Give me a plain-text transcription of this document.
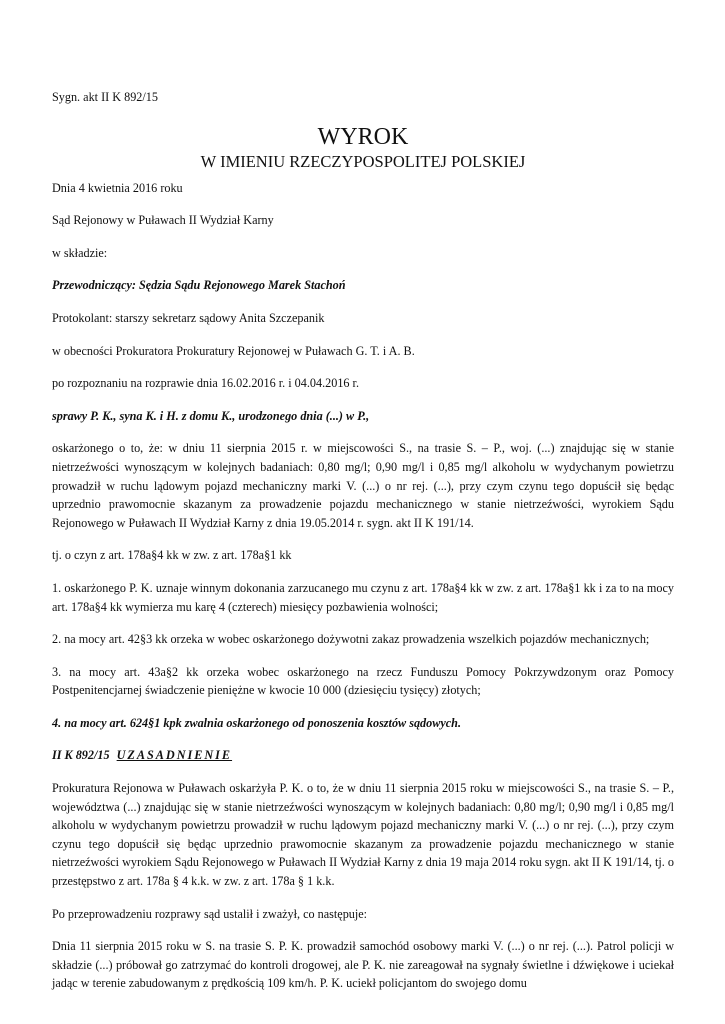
Sygn. akt II K 892/15

WYROK

W IMIENIU RZECZYPOSPOLITEJ POLSKIEJ

Dnia 4 kwietnia 2016 roku

Sąd Rejonowy w Puławach II Wydział Karny

w składzie:

Przewodniczący: Sędzia Sądu Rejonowego Marek Stachoń

Protokolant: starszy sekretarz sądowy Anita Szczepanik

w obecności Prokuratora Prokuratury Rejonowej w Puławach G. T. i A. B.

po rozpoznaniu na rozprawie dnia 16.02.2016 r. i 04.04.2016 r.

sprawy P. K., syna K. i H. z domu K., urodzonego dnia (...) w P.,

oskarżonego o to, że: w dniu 11 sierpnia 2015 r. w miejscowości S., na trasie S. – P., woj. (...) znajdując się w stanie nietrzeźwości wynoszącym w kolejnych badaniach: 0,80 mg/l; 0,90 mg/l i 0,85 mg/l alkoholu w wydychanym powietrzu prowadził w ruchu lądowym pojazd mechaniczny marki V. (...) o nr rej. (...), przy czym czynu tego dopuścił się będąc uprzednio prawomocnie skazanym za prowadzenie pojazdu mechanicznego w stanie nietrzeźwości, wyrokiem Sądu Rejonowego w Puławach II Wydział Karny z dnia 19.05.2014 r. sygn. akt II K 191/14.

tj. o czyn z art. 178a§4 kk w zw. z art. 178a§1 kk

1. oskarżonego P. K. uznaje winnym dokonania zarzucanego mu czynu z art. 178a§4 kk w zw. z art. 178a§1 kk i za to na mocy art. 178a§4 kk wymierza mu karę 4 (czterech) miesięcy pozbawienia wolności;

2. na mocy art. 42§3 kk orzeka w wobec oskarżonego dożywotni zakaz prowadzenia wszelkich pojazdów mechanicznych;

3. na mocy art. 43a§2 kk orzeka wobec oskarżonego na rzecz Funduszu Pomocy Pokrzywdzonym oraz Pomocy Postpenitencjarnej świadczenie pieniężne w kwocie 10 000 (dziesięciu tysięcy) złotych;

4. na mocy art. 624§1 kpk zwalnia oskarżonego od ponoszenia kosztów sądowych.

II K 892/15 UZASADNIENIE

Prokuratura Rejonowa w Puławach oskarżyła P. K. o to, że w dniu 11 sierpnia 2015 roku w miejscowości S., na trasie S. – P., województwa (...) znajdując się w stanie nietrzeźwości wynoszącym w kolejnych badaniach: 0,80 mg/l; 0,90 mg/l i 0,85 mg/l alkoholu w wydychanym powietrzu prowadził w ruchu lądowym pojazd mechaniczny marki V. (...) o nr rej. (...), przy czym czynu tego dopuścił się będąc uprzednio prawomocnie skazanym za prowadzenie pojazdu mechanicznego w stanie nietrzeźwości wyrokiem Sądu Rejonowego w Puławach II Wydział Karny z dnia 19 maja 2014 roku sygn. akt II K 191/14, tj. o przestępstwo z art. 178a § 4 k.k. w zw. z art. 178a § 1 k.k.

Po przeprowadzeniu rozprawy sąd ustalił i zważył, co następuje:

Dnia 11 sierpnia 2015 roku w S. na trasie S. P. K. prowadził samochód osobowy marki V. (...) o nr rej. (...). Patrol policji w składzie (...) próbował go zatrzymać do kontroli drogowej, ale P. K. nie zareagował na sygnały świetlne i dźwiękowe i uciekał jadąc w terenie zabudowanym z prędkością 109 km/h. P. K. uciekł policjantom do swojego domu
